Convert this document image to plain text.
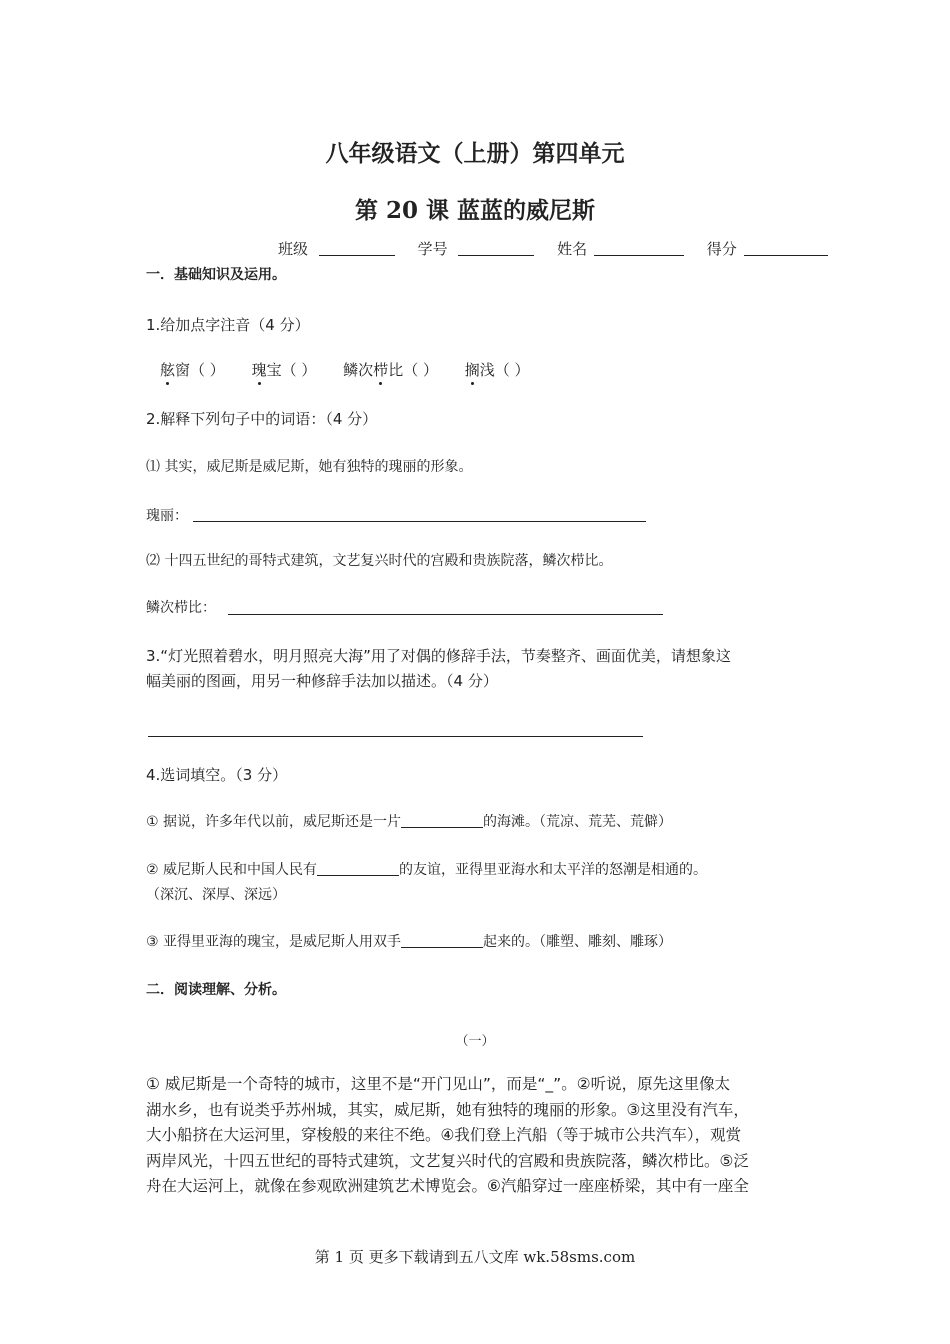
八年级语文（上册）第四单元
第 20 课 蓝蓝的威尼斯
班级	学号	姓名	得分
一．基础知识及运用。
1.给加点字注音（4 分）
舷窗（ ） 瑰宝（ ） 鳞次栉比（ ） 搁浅（ ）
2.解释下列句子中的词语：（4 分）
⑴ 其实，威尼斯是威尼斯，她有独特的瑰丽的形象。
瑰丽：
⑵ 十四五世纪的哥特式建筑，文艺复兴时代的宫殿和贵族院落，鳞次栉比。
鳞次栉比：
3.“灯光照着碧水，明月照亮大海”用了对偶的修辞手法，节奏整齐、画面优美，请想象这
幅美丽的图画，用另一种修辞手法加以描述。（4 分）
4.选词填空。（3 分）
① 据说，许多年代以前，威尼斯还是一片	的海滩。（荒凉、荒芜、荒僻）
② 威尼斯人民和中国人民有	的友谊，亚得里亚海水和太平洋的怒潮是相通的。
（深沉、深厚、深远）
③ 亚得里亚海的瑰宝，是威尼斯人用双手	起来的。（雕塑、雕刻、雕琢）
二．阅读理解、分析。
（一）
① 威尼斯是一个奇特的城市，这里不是“开门见山”，而是“_”。②听说，原先这里像太
湖水乡，也有说类乎苏州城，其实，威尼斯，她有独特的瑰丽的形象。③这里没有汽车，
大小船挤在大运河里，穿梭般的来往不绝。④我们登上汽船（等于城市公共汽车），观赏
两岸风光，十四五世纪的哥特式建筑，文艺复兴时代的宫殿和贵族院落，鳞次栉比。⑤泛
舟在大运河上，就像在参观欧洲建筑艺术博览会。⑥汽船穿过一座座桥梁，其中有一座全
第 1 页 更多下载请到五八文库 wk.58sms.com
